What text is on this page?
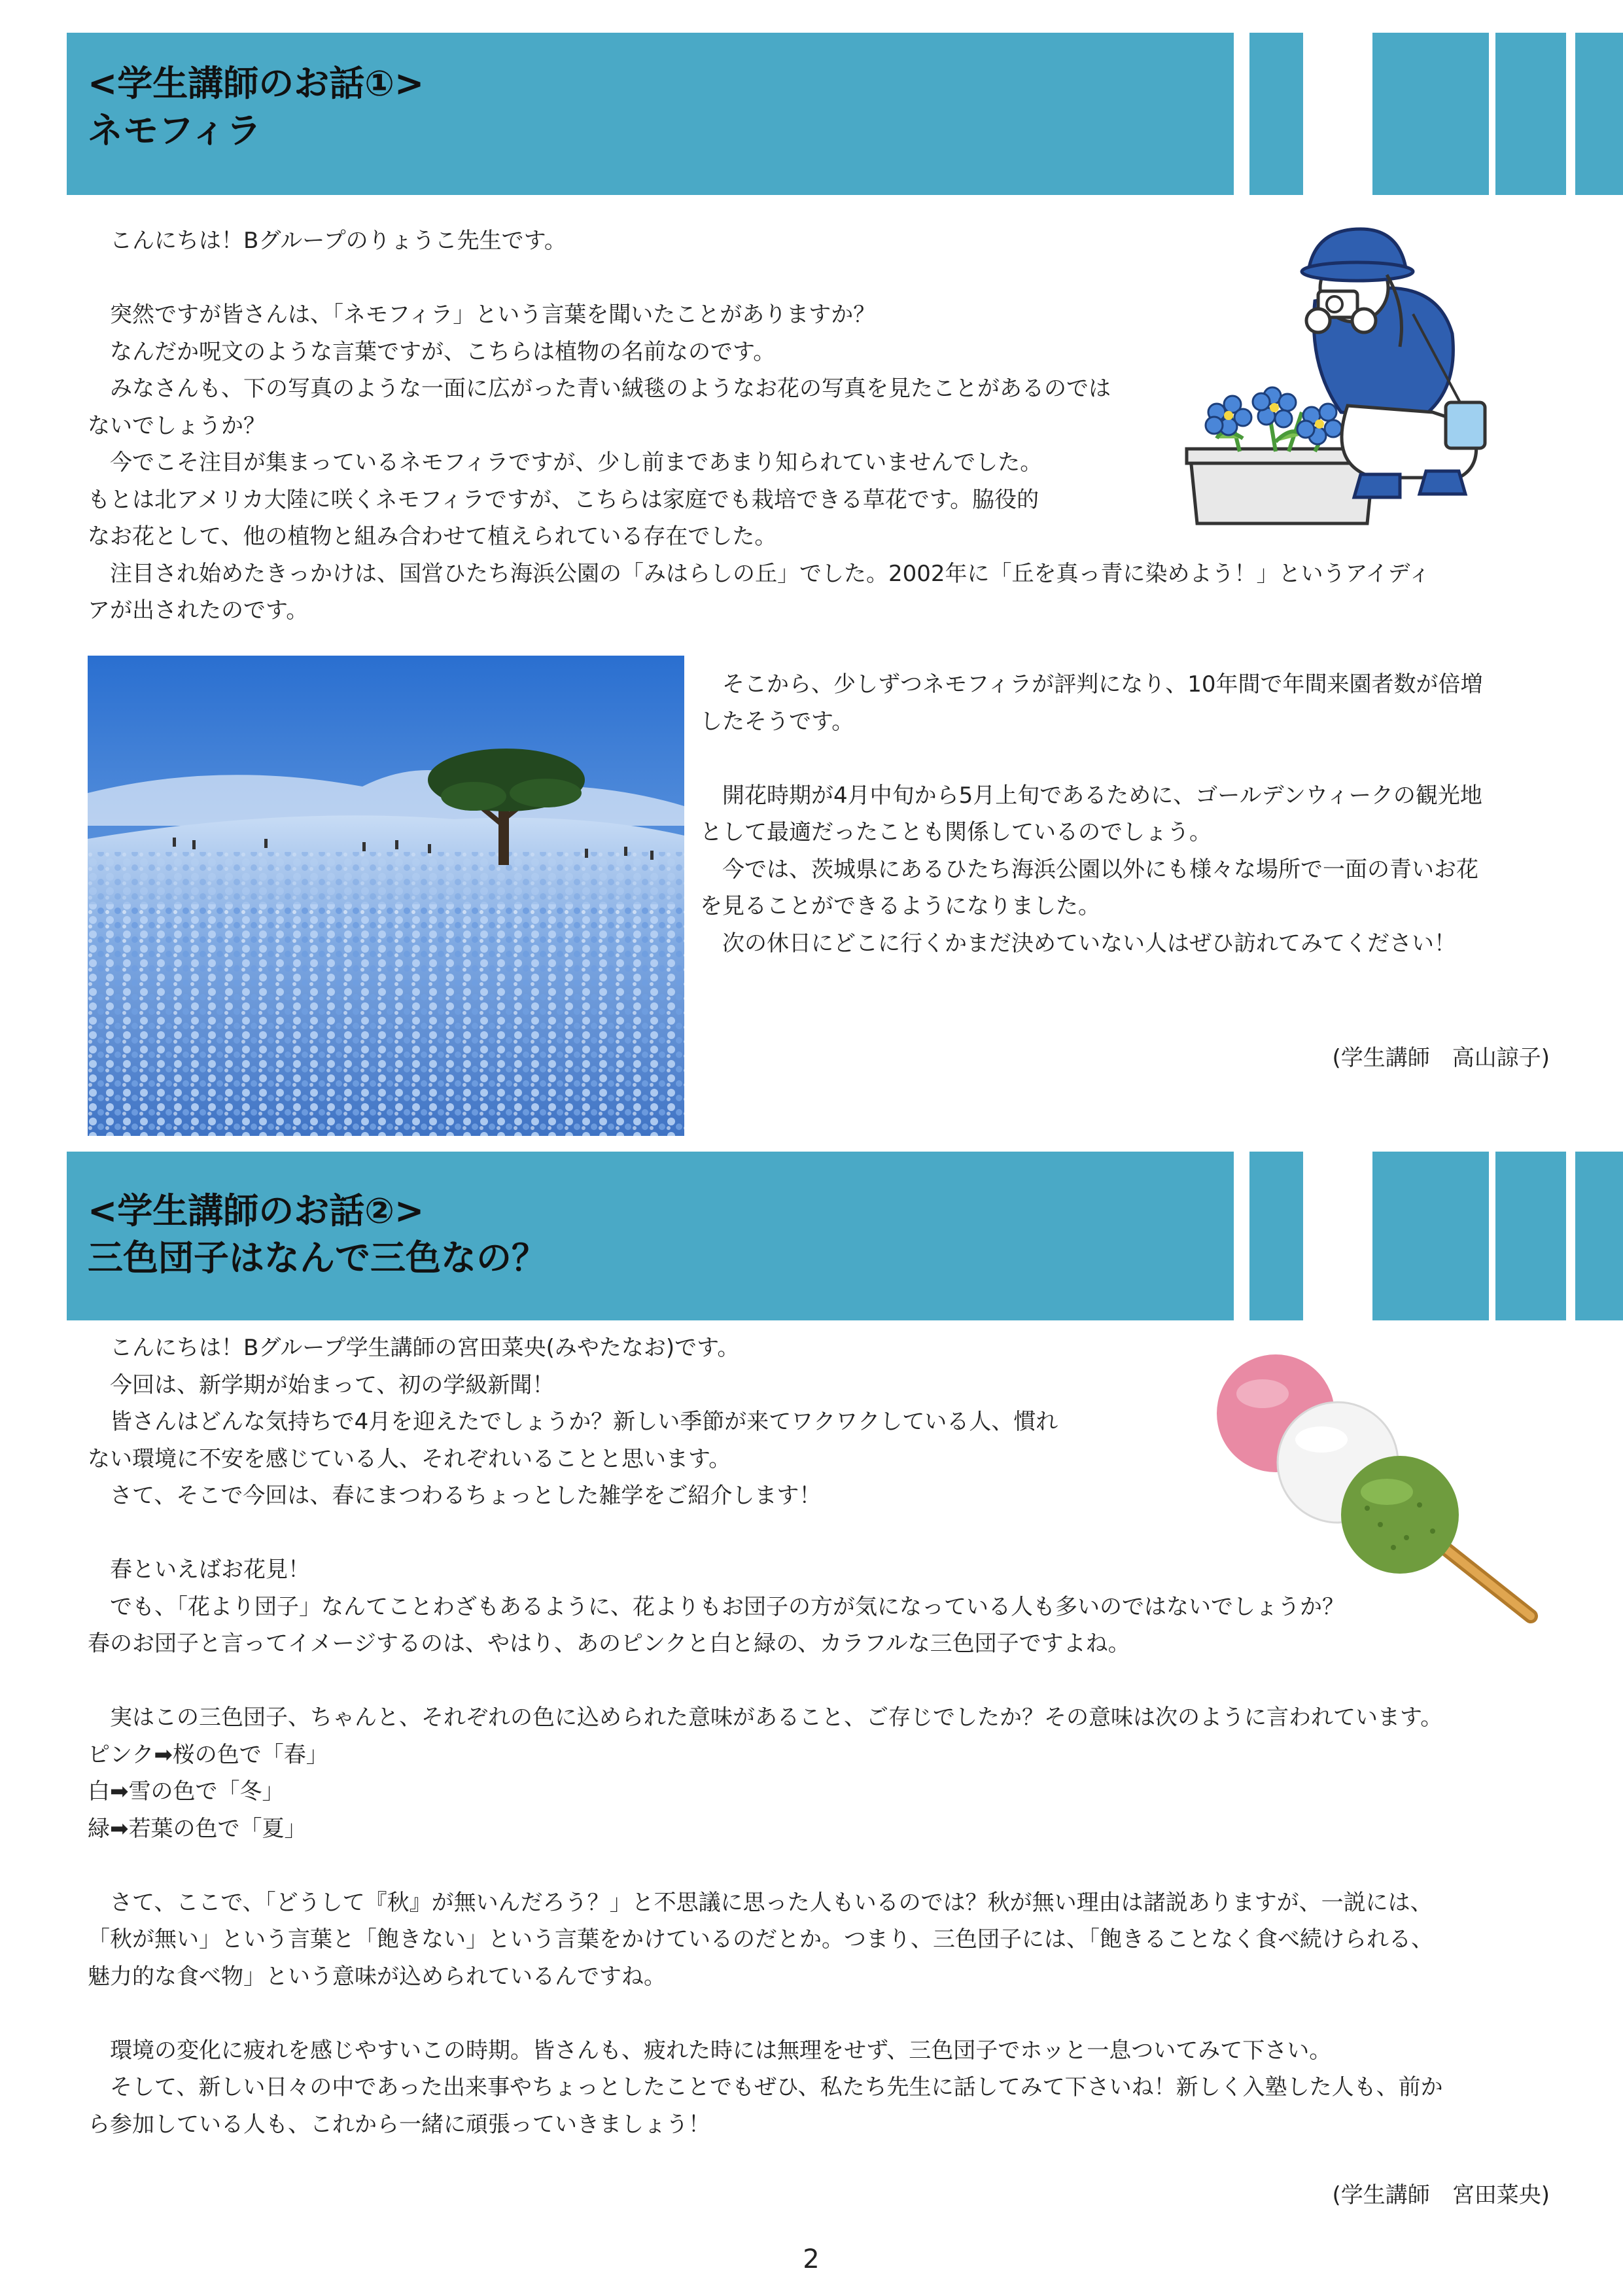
<学生講師のお話①>
ネモフィラ

こんにちは！Bグループのりょうこ先生です。

突然ですが皆さんは、「ネモフィラ」という言葉を聞いたことがありますか？

なんだか呪文のような言葉ですが、こちらは植物の名前なのです。

みなさんも、下の写真のような一面に広がった青い絨毯のようなお花の写真を見たことがあるのでは

ないでしょうか？

今でこそ注目が集まっているネモフィラですが、少し前まであまり知られていませんでした。

もとは北アメリカ大陸に咲くネモフィラですが、こちらは家庭でも栽培できる草花です。脇役的

なお花として、他の植物と組み合わせて植えられている存在でした。

注目され始めたきっかけは、国営ひたち海浜公園の「みはらしの丘」でした。2002年に「丘を真っ青に染めよう！」というアイディ

アが出されたのです。

そこから、少しずつネモフィラが評判になり、10年間で年間来園者数が倍増

したそうです。

開花時期が4月中旬から5月上旬であるために、ゴールデンウィークの観光地

として最適だったことも関係しているのでしょう。

今では、茨城県にあるひたち海浜公園以外にも様々な場所で一面の青いお花

を見ることができるようになりました。

次の休日にどこに行くかまだ決めていない人はぜひ訪れてみてください！

(学生講師　高山諒子)
<学生講師のお話②>
三色団子はなんで三色なの？

こんにちは！Bグループ学生講師の宮田菜央(みやたなお)です。

今回は、新学期が始まって、初の学級新聞！

皆さんはどんな気持ちで4月を迎えたでしょうか？新しい季節が来てワクワクしている人、慣れ

ない環境に不安を感じている人、それぞれいることと思います。

さて、そこで今回は、春にまつわるちょっとした雑学をご紹介します！

春といえばお花見！

でも、「花より団子」なんてことわざもあるように、花よりもお団子の方が気になっている人も多いのではないでしょうか？

春のお団子と言ってイメージするのは、やはり、あのピンクと白と緑の、カラフルな三色団子ですよね。

実はこの三色団子、ちゃんと、それぞれの色に込められた意味があること、ご存じでしたか？その意味は次のように言われています。

ピンク➡桜の色で「春」

白➡雪の色で「冬」

緑➡若葉の色で「夏」

さて、ここで、「どうして『秋』が無いんだろう？」と不思議に思った人もいるのでは？秋が無い理由は諸説ありますが、一説には、

「秋が無い」という言葉と「飽きない」という言葉をかけているのだとか。つまり、三色団子には、「飽きることなく食べ続けられる、

魅力的な食べ物」という意味が込められているんですね。

環境の変化に疲れを感じやすいこの時期。皆さんも、疲れた時には無理をせず、三色団子でホッと一息ついてみて下さい。

そして、新しい日々の中であった出来事やちょっとしたことでもぜひ、私たち先生に話してみて下さいね！新しく入塾した人も、前か

ら参加している人も、これから一緒に頑張っていきましょう！

(学生講師　宮田菜央)
2
